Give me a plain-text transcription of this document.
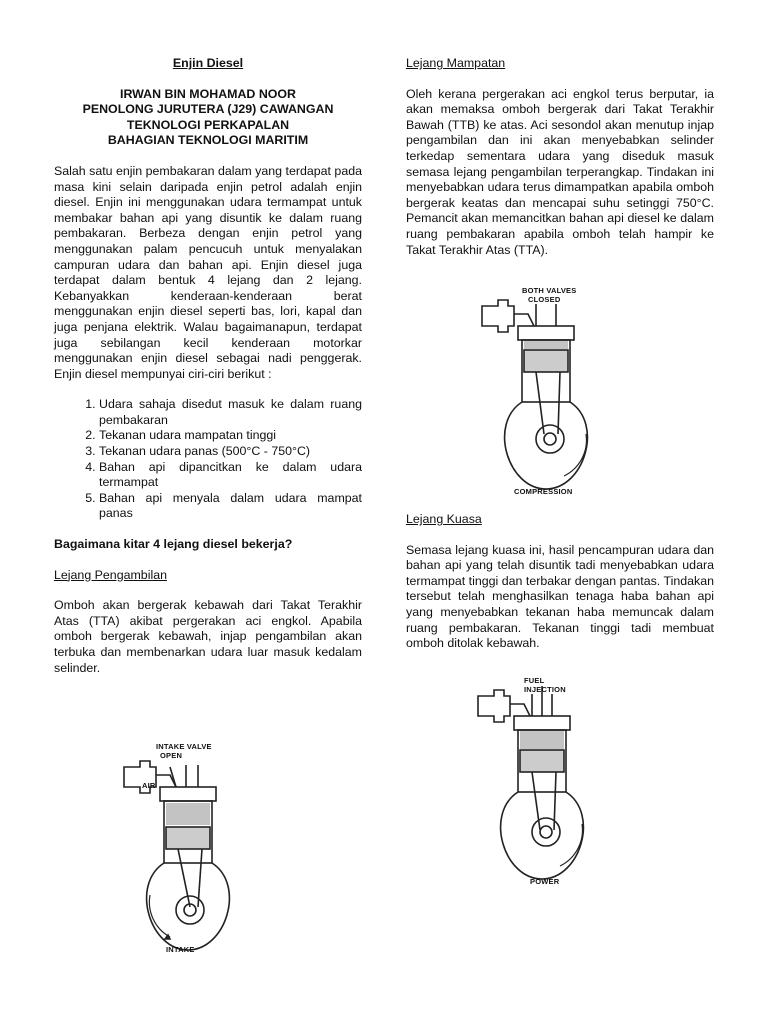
Enjin Diesel

IRWAN BIN MOHAMAD NOOR

PENOLONG JURUTERA (J29) CAWANGAN TEKNOLOGI PERKAPALAN

BAHAGIAN TEKNOLOGI MARITIM

Salah satu enjin pembakaran dalam yang terdapat pada masa kini selain daripada enjin petrol adalah enjin diesel. Enjin ini menggunakan udara termampat untuk membakar bahan api yang disuntik ke dalam ruang pembakaran. Berbeza dengan enjin petrol yang menggunakan palam pencucuh untuk menyalakan campuran udara dan bahan api. Enjin diesel juga terdapat dalam bentuk 4 lejang dan 2 lejang. Kebanyakkan kenderaan-kenderaan berat menggunakan enjin diesel seperti bas, lori, kapal dan juga penjana elektrik. Walau bagaimanapun, terdapat juga sebilangan kecil kenderaan motorkar menggunakan enjin diesel sebagai nadi penggerak. Enjin diesel mempunyai ciri-ciri berikut :

1. Udara sahaja disedut masuk ke dalam ruang pembakaran
2. Tekanan udara mampatan tinggi
3. Tekanan udara panas (500°C - 750°C)
4. Bahan api dipancitkan ke dalam udara termampat
5. Bahan api menyala dalam udara mampat panas

Bagaimana kitar 4 lejang diesel bekerja?

Lejang Pengambilan

Omboh akan bergerak kebawah dari Takat Terakhir Atas (TTA) akibat pergerakan aci engkol. Apabila omboh bergerak kebawah, injap pengambilan akan terbuka dan membenarkan udara luar masuk kedalam selinder.

Lejang Mampatan

Oleh kerana pergerakan aci engkol terus berputar, ia akan memaksa omboh bergerak dari Takat Terakhir Bawah (TTB) ke atas. Aci sesondol akan menutup injap pengambilan dan ini akan menyebabkan selinder terkedap sementara udara yang diseduk masuk semasa lejang pengambilan terperangkap. Tindakan ini menyebabkan udara terus dimampatkan apabila omboh bergerak keatas dan mencapai suhu setinggi 750°C. Pemancit akan memancitkan bahan api diesel ke dalam ruang pembakaran apabila omboh telah hampir ke Takat Terakhir Atas (TTA).

Lejang Kuasa

Semasa lejang kuasa ini, hasil pencampuran udara dan bahan api yang telah disuntik tadi menyebabkan udara termampat tinggi dan terbakar dengan pantas. Tindakan tersebut telah menghasilkan tenaga haba bahan api yang menyebabkan tekanan haba memuncak dalam ruang pembakaran. Tekanan tinggi tadi membuat omboh ditolak kebawah.

INTAKE VALVE
OPEN
AIR
INTAKE
BOTH VALVES
CLOSED
COMPRESSION
FUEL
INJECTION
POWER
